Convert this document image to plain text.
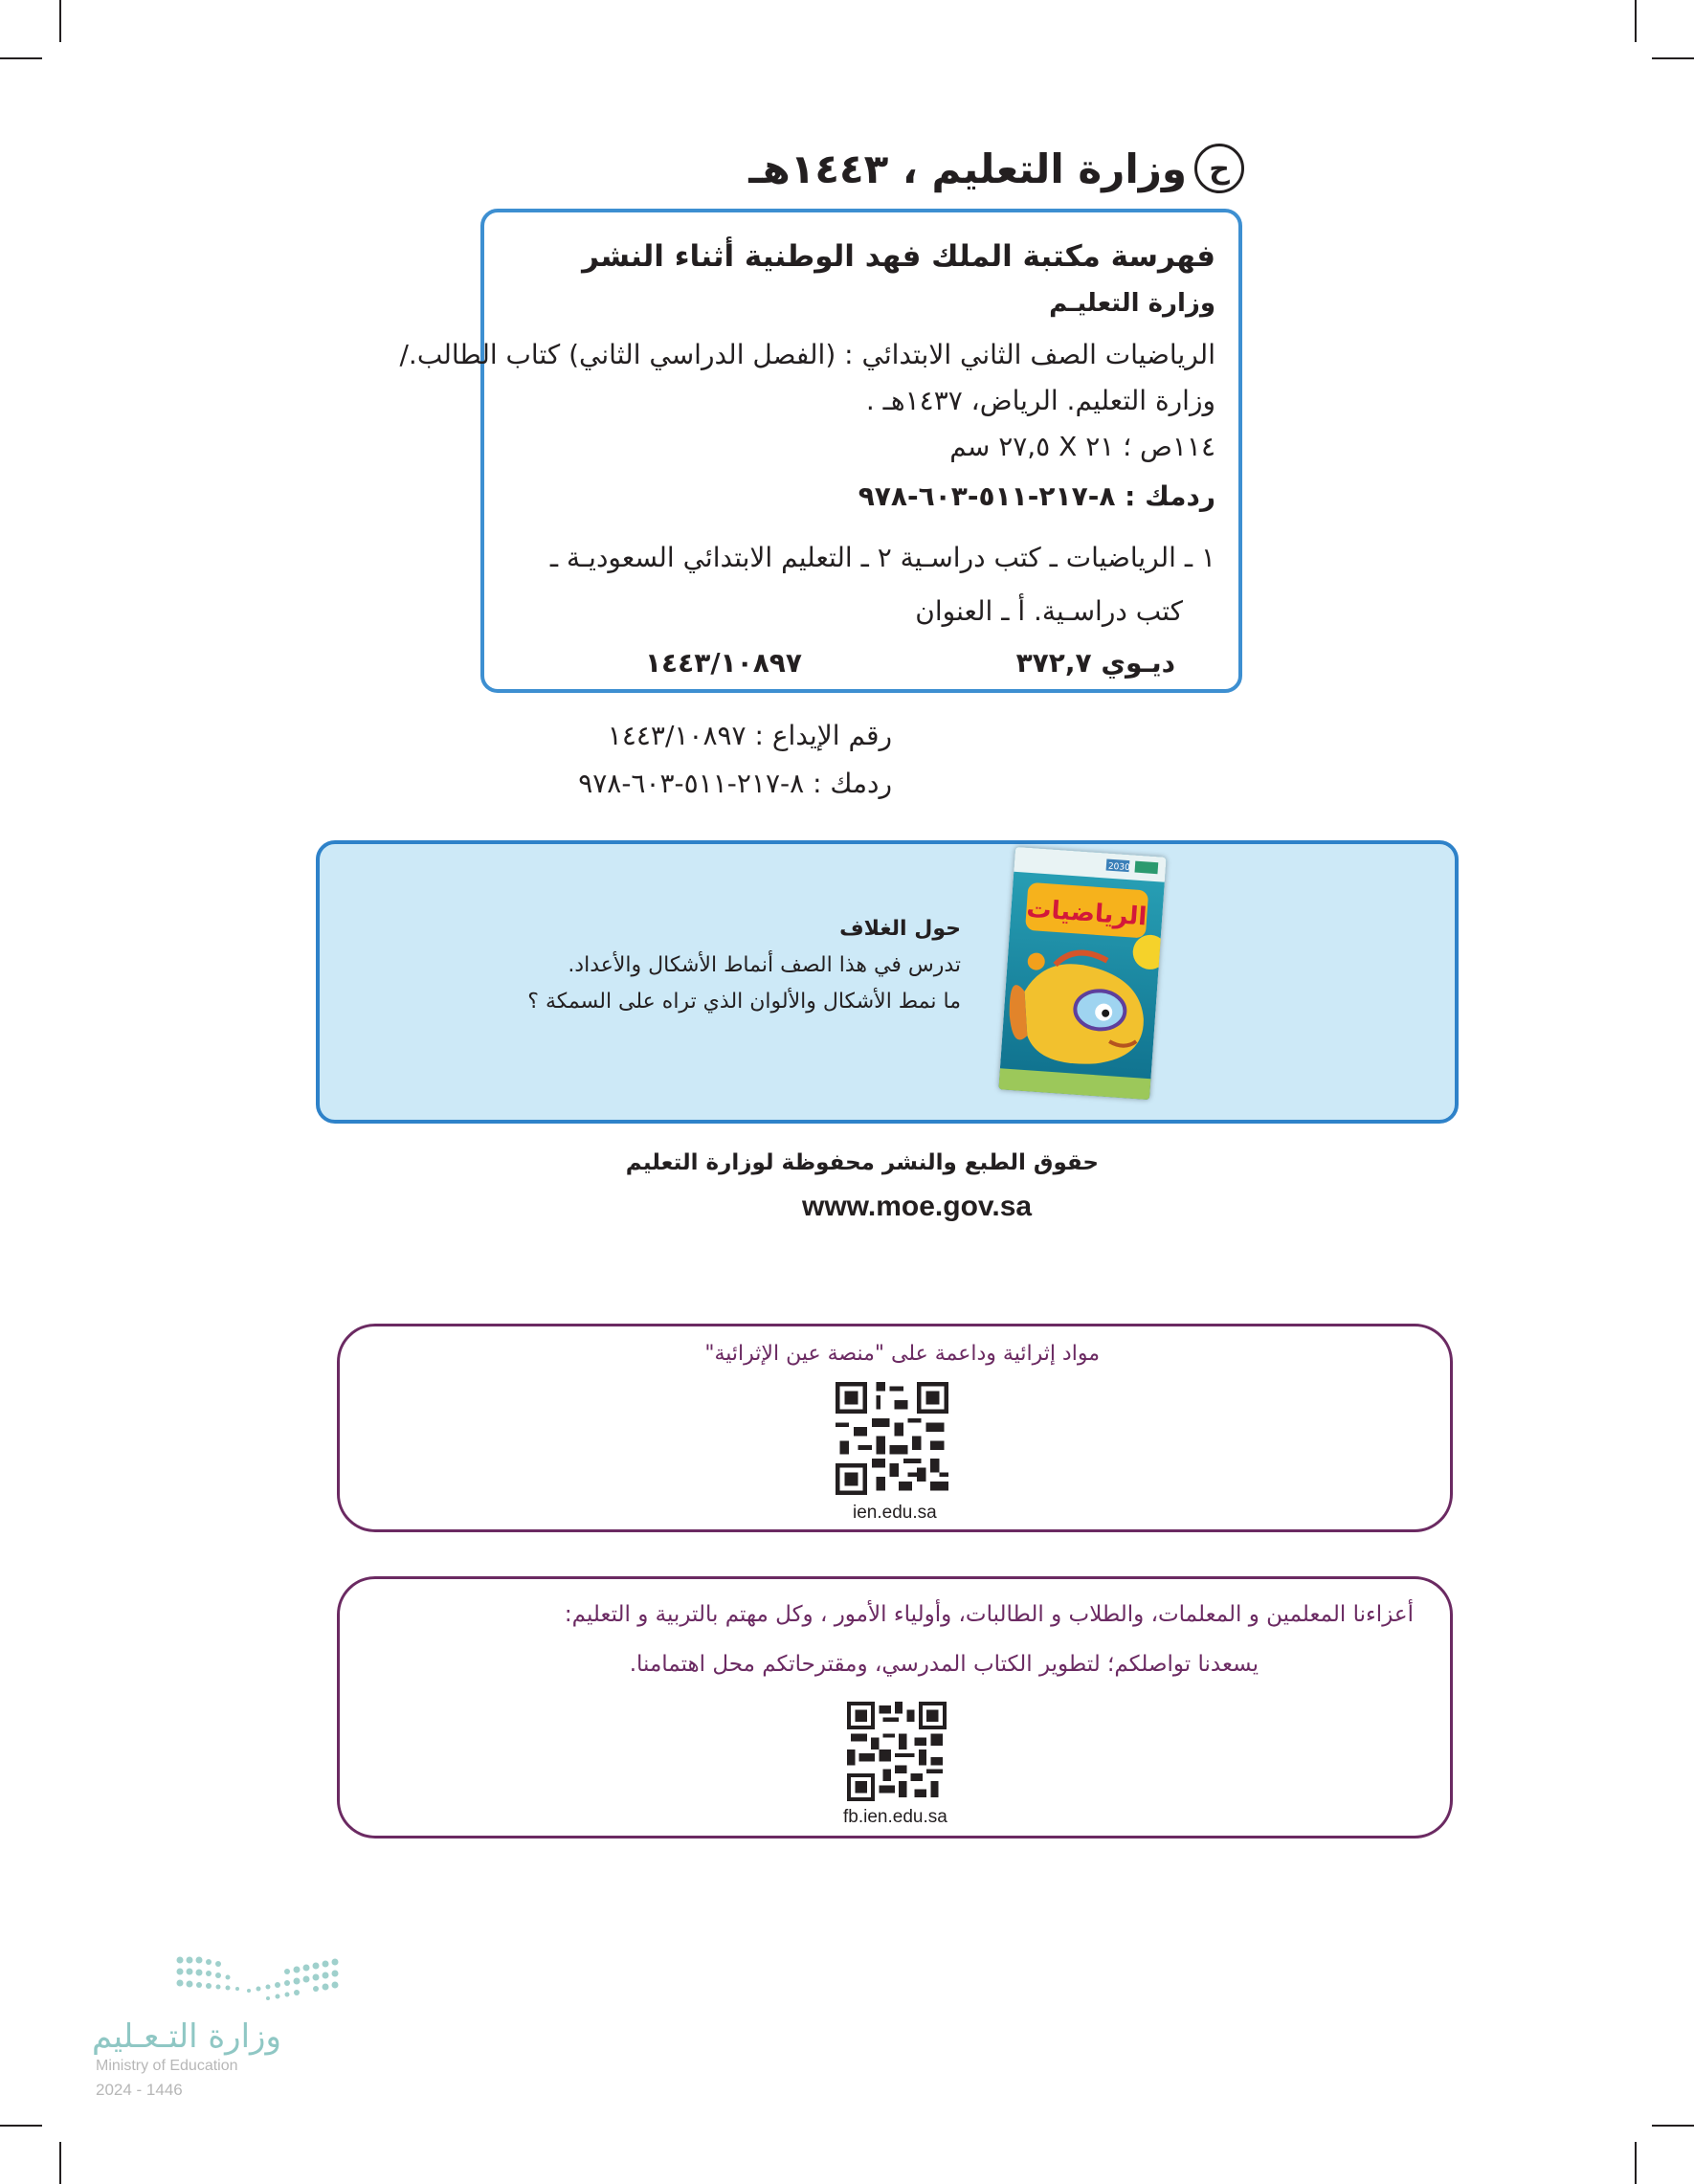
ح
وزارة التعليم ، ١٤٤٣هـ
فهرسة مكتبة الملك فهد الوطنية أثناء النشر
وزارة التعليـم
الرياضيات الصف الثاني الابتدائي : (الفصل الدراسي الثاني) كتاب الطالب./
وزارة التعليم. الرياض، ١٤٣٧هـ .
١١٤ص ؛ ٢١ X ٢٧,٥ سم
ردمك : ٨-٢١٧-٥١١-٦٠٣-٩٧٨
١ ـ الرياضيات ـ كتب دراسـية ٢ ـ التعليم الابتدائي السعوديـة ـ
كتب دراسـية. أ ـ العنوان
ديـوي ٣٧٢,٧
١٤٤٣/١٠٨٩٧
رقم الإيداع : ١٤٤٣/١٠٨٩٧
ردمك : ٨-٢١٧-٥١١-٦٠٣-٩٧٨
2030
الرياضيات
حول الغلاف
تدرس في هذا الصف أنماط الأشكال والأعداد.
ما نمط الأشكال والألوان الذي تراه على السمكة ؟
حقوق الطبع والنشر محفوظة لوزارة التعليم
www.moe.gov.sa
مواد إثرائية وداعمة على "منصة عين الإثرائية"
ien.edu.sa
أعزاءنا المعلمين و المعلمات، والطلاب و الطالبات، وأولياء الأمور ، وكل مهتم بالتربية و التعليم:
يسعدنا تواصلكم؛ لتطوير الكتاب المدرسي، ومقترحاتكم محل اهتمامنا.
fb.ien.edu.sa
وزارة التـعـليم
Ministry of Education
2024 - 1446
